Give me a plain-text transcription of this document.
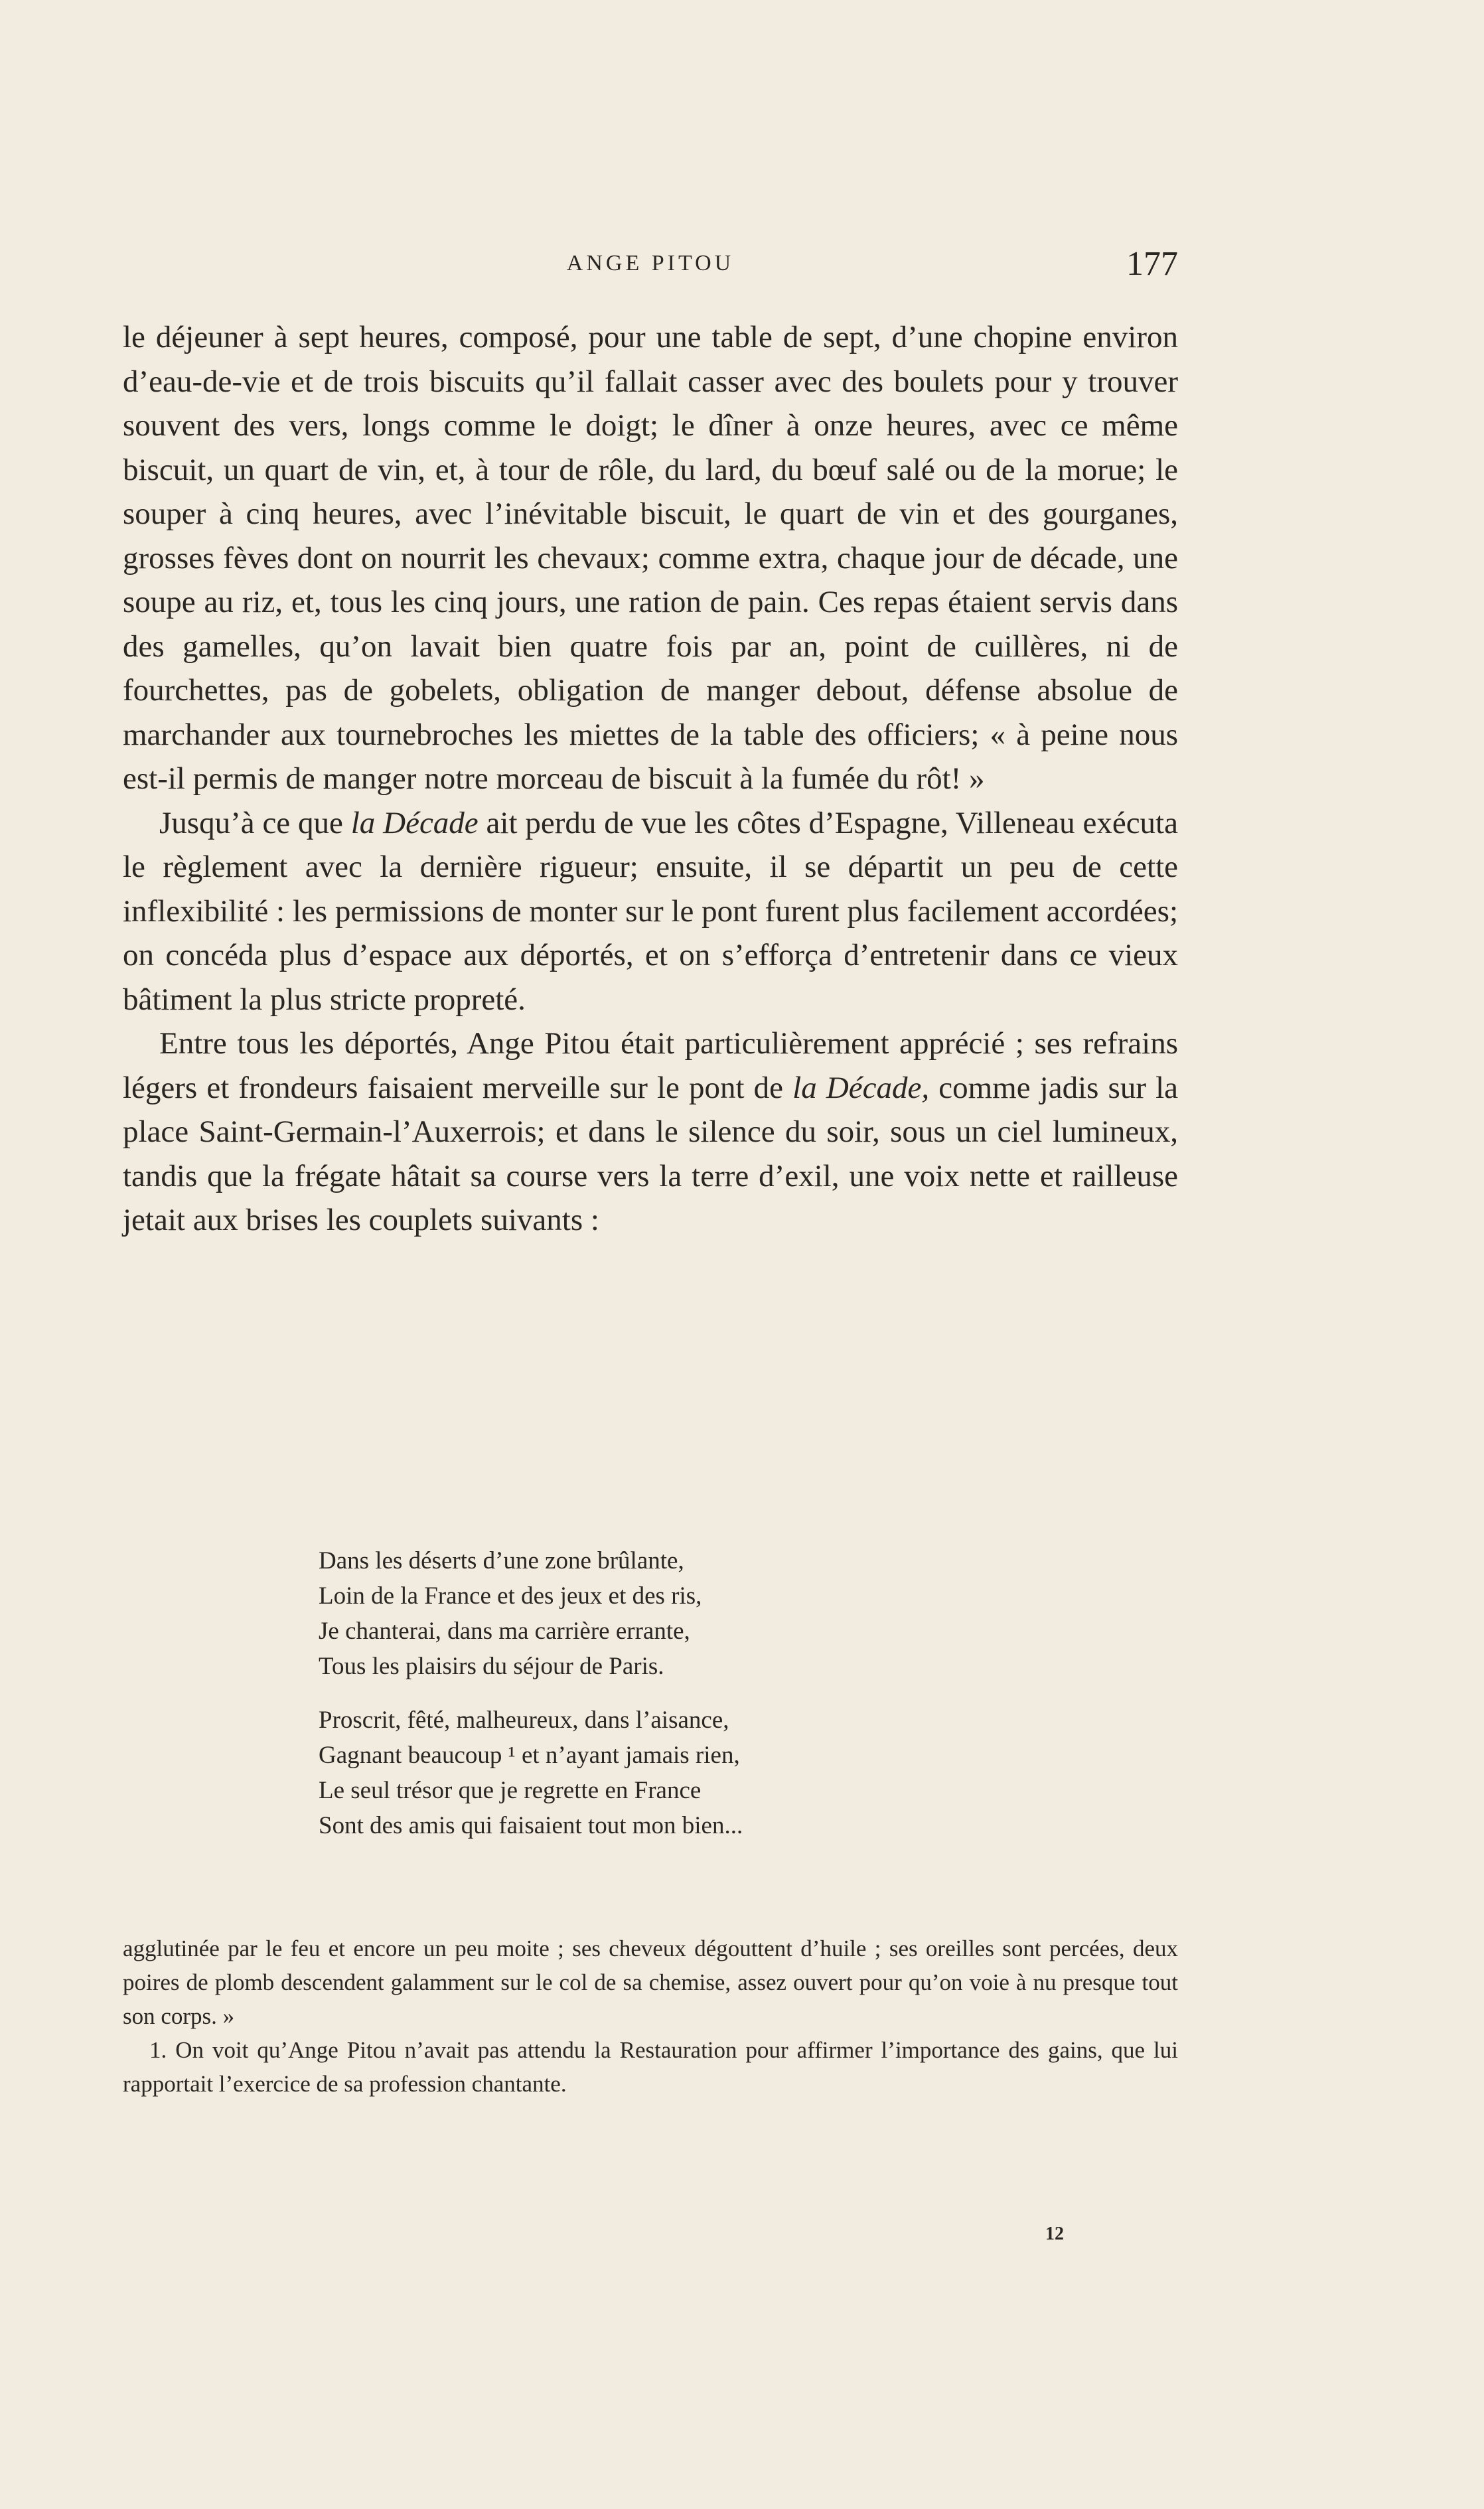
ANGE PITOU	177

le déjeuner à sept heures, composé, pour une table de sept, d’une chopine environ d’eau-de-vie et de trois biscuits qu’il fallait casser avec des boulets pour y trouver souvent des vers, longs comme le doigt; le dîner à onze heures, avec ce même biscuit, un quart de vin, et, à tour de rôle, du lard, du bœuf salé ou de la morue; le souper à cinq heures, avec l’inévitable biscuit, le quart de vin et des gourganes, grosses fèves dont on nourrit les chevaux; comme extra, chaque jour de décade, une soupe au riz, et, tous les cinq jours, une ration de pain. Ces repas étaient servis dans des gamelles, qu’on lavait bien quatre fois par an, point de cuillères, ni de fourchettes, pas de gobelets, obligation de manger debout, défense absolue de marchander aux tournebroches les miettes de la table des officiers; « à peine nous est-il permis de manger notre morceau de biscuit à la fumée du rôt! »

Jusqu’à ce que la Décade ait perdu de vue les côtes d’Espagne, Villeneau exécuta le règlement avec la dernière rigueur; ensuite, il se départit un peu de cette inflexibilité : les permissions de monter sur le pont furent plus facilement accordées; on concéda plus d’espace aux déportés, et on s’efforça d’entretenir dans ce vieux bâtiment la plus stricte propreté.

Entre tous les déportés, Ange Pitou était particulièrement apprécié ; ses refrains légers et frondeurs faisaient merveille sur le pont de la Décade, comme jadis sur la place Saint-Germain-l’Auxerrois; et dans le silence du soir, sous un ciel lumineux, tandis que la frégate hâtait sa course vers la terre d’exil, une voix nette et railleuse jetait aux brises les couplets suivants :

Dans les déserts d’une zone brûlante,
Loin de la France et des jeux et des ris,
Je chanterai, dans ma carrière errante,
Tous les plaisirs du séjour de Paris.
Proscrit, fêté, malheureux, dans l’aisance,
Gagnant beaucoup ¹ et n’ayant jamais rien,
Le seul trésor que je regrette en France
Sont des amis qui faisaient tout mon bien...

agglutinée par le feu et encore un peu moite ; ses cheveux dégouttent d’huile ; ses oreilles sont percées, deux poires de plomb descendent galamment sur le col de sa chemise, assez ouvert pour qu’on voie à nu presque tout son corps. »

1. On voit qu’Ange Pitou n’avait pas attendu la Restauration pour affirmer l’importance des gains, que lui rapportait l’exercice de sa profession chantante.

12
